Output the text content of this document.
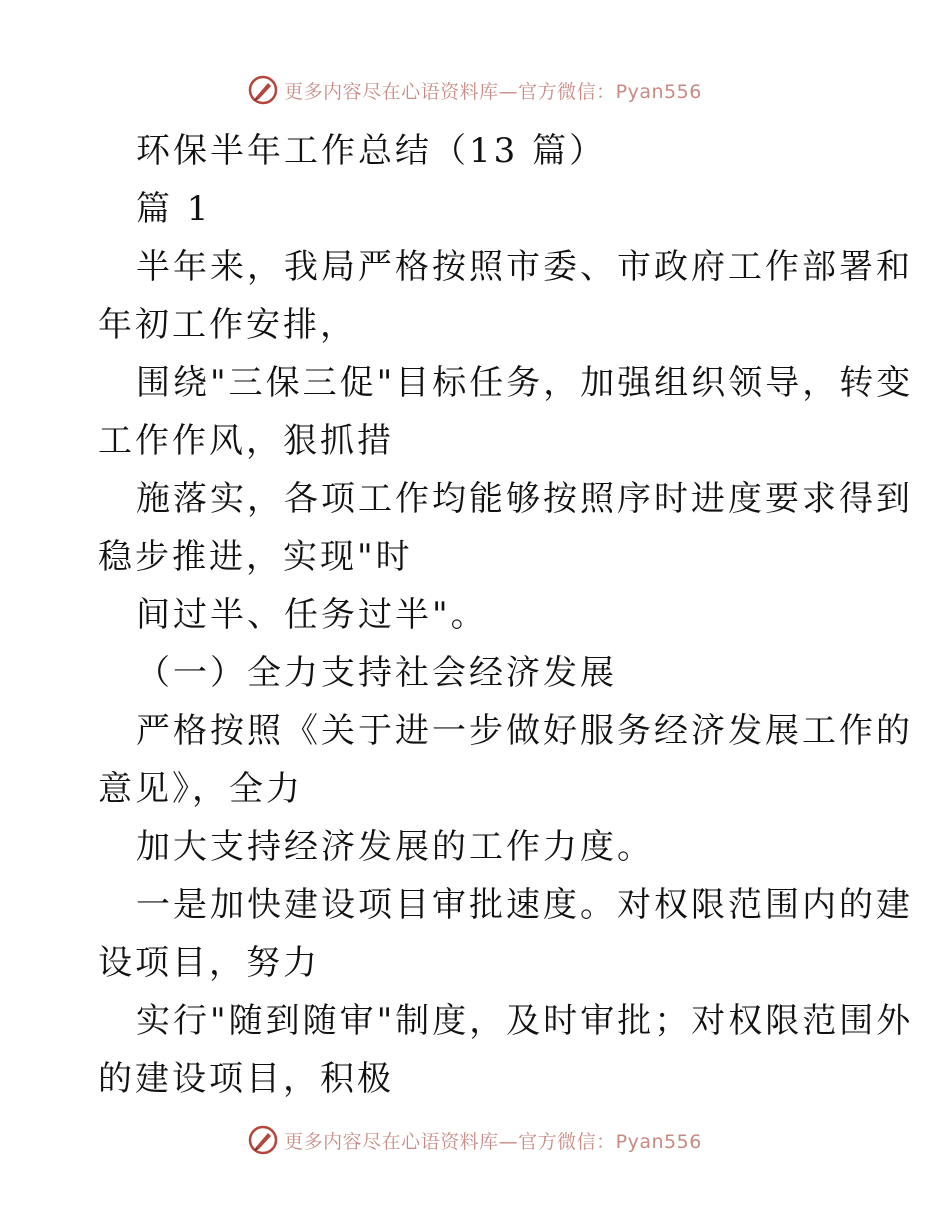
更多内容尽在心语资料库—官方微信：Pyan556
环保半年工作总结（13 篇）
篇 1
半年来，我局严格按照市委、市政府工作部署和
年初工作安排，
围绕"三保三促"目标任务，加强组织领导，转变
工作作风，狠抓措
施落实，各项工作均能够按照序时进度要求得到
稳步推进，实现"时
间过半、任务过半"。
（一）全力支持社会经济发展
严格按照《关于进一步做好服务经济发展工作的
意见》，全力
加大支持经济发展的工作力度。
一是加快建设项目审批速度。对权限范围内的建
设项目，努力
实行"随到随审"制度，及时审批；对权限范围外
的建设项目，积极
更多内容尽在心语资料库—官方微信：Pyan556
